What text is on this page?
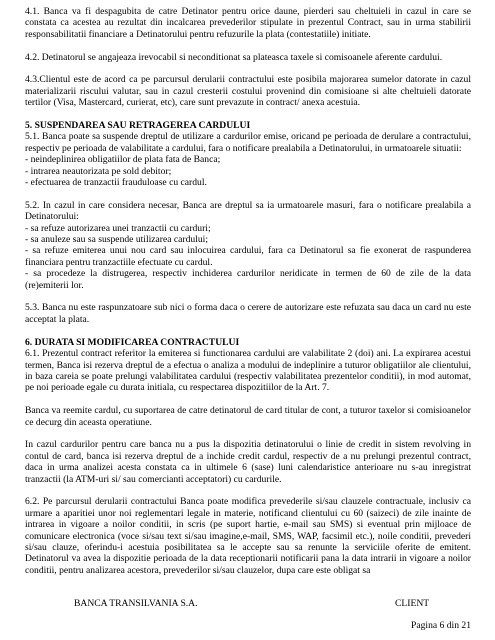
4.1. Banca va fi despagubita de catre Detinator pentru orice daune, pierderi sau cheltuieli in cazul in care se constata ca acestea au rezultat din incalcarea prevederilor stipulate in prezentul Contract, sau in urma stabilirii responsabilitatii financiare a Detinatorului pentru refuzurile la plata (contestatiile) initiate.

4.2. Detinatorul se angajeaza irevocabil si neconditionat sa plateasca taxele si comisoanele aferente cardului.

4.3.Clientul este de acord ca pe parcursul derularii contractului este posibila majorarea sumelor datorate in cazul materializarii riscului valutar, sau in cazul cresterii costului provenind din comisioane si alte cheltuieli datorate tertilor (Visa, Mastercard, curierat, etc), care sunt prevazute in contract/ anexa acestuia.

5. SUSPENDAREA SAU RETRAGEREA CARDULUI

5.1. Banca poate sa suspende dreptul de utilizare a cardurilor emise, oricand pe perioada de derulare a contractului, respectiv pe perioada de valabilitate a cardului, fara o notificare prealabila a Detinatorului, in urmatoarele situatii:

- neindeplinirea obligatiilor de plata fata de Banca;
- intrarea neautorizata pe sold debitor;
- efectuarea de tranzactii frauduloase cu cardul.

5.2. In cazul in care considera necesar, Banca are dreptul sa ia urmatoarele masuri, fara o notificare prealabila a Detinatorului:

- sa refuze autorizarea unei tranzactii cu carduri;
- sa anuleze sau sa suspende utilizarea cardului;
- sa refuze emiterea unui nou card sau inlocuirea cardului, fara ca Detinatorul sa fie exonerat de raspunderea financiara pentru tranzactiile efectuate cu cardul.
- sa procedeze la distrugerea, respectiv inchiderea cardurilor neridicate in termen de 60 de zile de la data (re)emiterii lor.

5.3. Banca nu este raspunzatoare sub nici o forma daca o cerere de autorizare este refuzata sau daca un card nu este acceptat la plata.

6. DURATA SI MODIFICAREA CONTRACTULUI

6.1. Prezentul contract referitor la emiterea si functionarea cardului are valabilitate 2 (doi) ani. La expirarea acestui termen, Banca isi rezerva dreptul de a efectua o analiza a modului de indeplinire a tuturor obligatiilor ale clientului, in baza careia se poate prelungi valabilitatea cardului (respectiv valabilitatea prezentelor conditii), in mod automat, pe noi perioade egale cu durata initiala, cu respectarea dispozitiilor de la Art. 7.

Banca va reemite cardul, cu suportarea de catre detinatorul de card titular de cont, a tuturor taxelor si comisioanelor ce decurg din aceasta operatiune.

In cazul cardurilor pentru care banca nu a pus la dispozitia detinatorului o linie de credit in sistem revolving in contul de card, banca isi rezerva dreptul de a inchide credit cardul, respectiv de a nu prelungi prezentul contract, daca in urma analizei acesta constata ca in ultimele 6 (sase) luni calendaristice anterioare nu s-au inregistrat tranzactii (la ATM-uri si/ sau comercianti acceptatori) cu cardurile.

6.2. Pe parcursul derularii contractului Banca poate modifica prevederile si/sau clauzele contractuale, inclusiv ca urmare a aparitiei unor noi reglementari legale in materie, notificand clientului cu 60 (saizeci) de zile inainte de intrarea in vigoare a noilor conditii, in scris (pe suport hartie, e-mail sau SMS) si eventual prin mijloace de comunicare electronica (voce si/sau text si/sau imagine,e-mail, SMS, WAP, facsimil etc.), noile conditii, prevederi si/sau clauze, oferindu-i acestuia posibilitatea sa le accepte sau sa renunte la serviciile oferite de emitent. Detinatorul va avea la dispozitie perioada de la data receptionarii notificarii pana la data intrarii in vigoare a noilor conditii, pentru analizarea acestora, prevederilor si/sau clauzelor, dupa care este obligat sa

BANCA TRANSILVANIA S.A.	CLIENT
Pagina 6 din 21
